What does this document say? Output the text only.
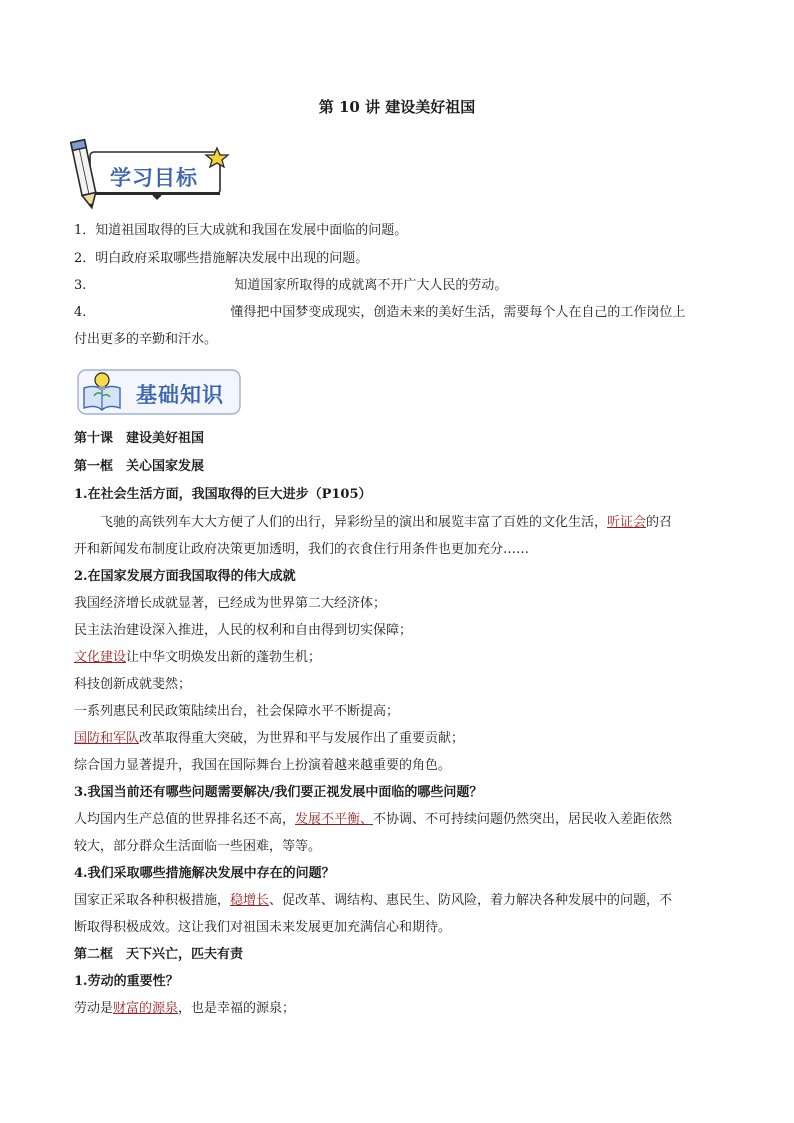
第 10 讲 建设美好祖国
学习目标
1．知道祖国取得的巨大成就和我国在发展中面临的问题。
2．明白政府采取哪些措施解决发展中出现的问题。
3.	知道国家所取得的成就离不开广大人民的劳动。
4.	懂得把中国梦变成现实，创造未来的美好生活，需要每个人在自己的工作岗位上
付出更多的辛勤和汗水。
基础知识
第十课　建设美好祖国
第一框　关心国家发展
1.在社会生活方面，我国取得的巨大进步（P105）
飞驰的高铁列车大大方便了人们的出行，异彩纷呈的演出和展览丰富了百姓的文化生活，听证会的召
开和新闻发布制度让政府决策更加透明，我们的衣食住行用条件也更加充分……
2.在国家发展方面我国取得的伟大成就
我国经济增长成就显著，已经成为世界第二大经济体；
民主法治建设深入推进，人民的权利和自由得到切实保障；
文化建设让中华文明焕发出新的蓬勃生机；
科技创新成就斐然；
一系列惠民利民政策陆续出台，社会保障水平不断提高；
国防和军队改革取得重大突破，为世界和平与发展作出了重要贡献；
综合国力显著提升，我国在国际舞台上扮演着越来越重要的角色。
3.我国当前还有哪些问题需要解决/我们要正视发展中面临的哪些问题？
人均国内生产总值的世界排名还不高，发展不平衡、不协调、不可持续问题仍然突出，居民收入差距依然
较大，部分群众生活面临一些困难，等等。
4.我们采取哪些措施解决发展中存在的问题？
国家正采取各种积极措施，稳增长、促改革、调结构、惠民生、防风险，着力解决各种发展中的问题，不
断取得积极成效。这让我们对祖国未来发展更加充满信心和期待。
第二框　天下兴亡，匹夫有责
1.劳动的重要性？
劳动是财富的源泉，也是幸福的源泉；
